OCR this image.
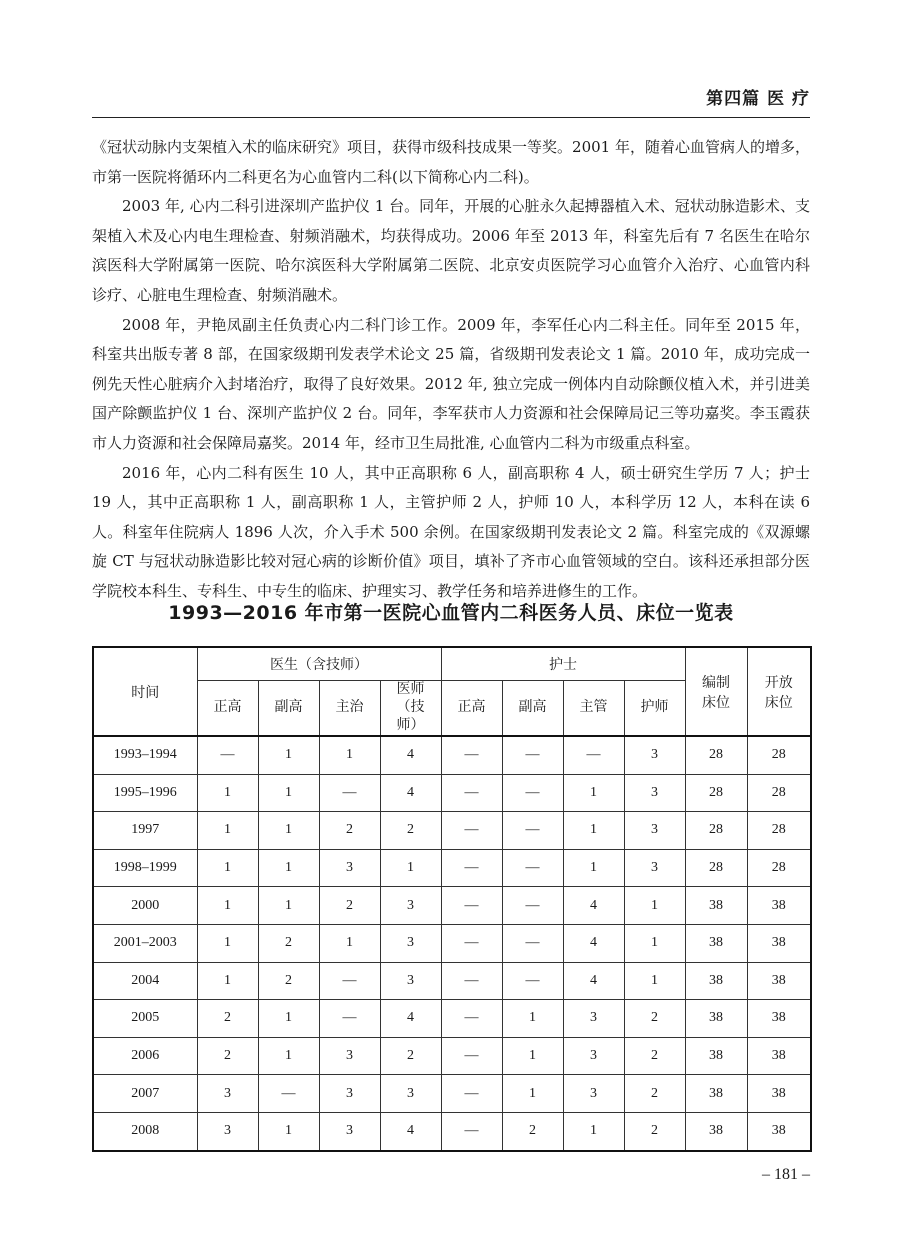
第四篇 医 疗

《冠状动脉内支架植入术的临床研究》项目，获得市级科技成果一等奖。2001 年，随着心血管病人的增多，市第一医院将循环内二科更名为心血管内二科(以下简称心内二科)。

2003 年, 心内二科引进深圳产监护仪 1 台。同年，开展的心脏永久起搏器植入术、冠状动脉造影术、支架植入术及心内电生理检查、射频消融术，均获得成功。2006 年至 2013 年，科室先后有 7 名医生在哈尔滨医科大学附属第一医院、哈尔滨医科大学附属第二医院、北京安贞医院学习心血管介入治疗、心血管内科诊疗、心脏电生理检查、射频消融术。

2008 年，尹艳凤副主任负责心内二科门诊工作。2009 年，李军任心内二科主任。同年至 2015 年，科室共出版专著 8 部，在国家级期刊发表学术论文 25 篇，省级期刊发表论文 1 篇。2010 年，成功完成一例先天性心脏病介入封堵治疗，取得了良好效果。2012 年, 独立完成一例体内自动除颤仪植入术，并引进美国产除颤监护仪 1 台、深圳产监护仪 2 台。同年，李军获市人力资源和社会保障局记三等功嘉奖。李玉霞获市人力资源和社会保障局嘉奖。2014 年，经市卫生局批准, 心血管内二科为市级重点科室。

2016 年，心内二科有医生 10 人，其中正高职称 6 人，副高职称 4 人，硕士研究生学历 7 人；护士 19 人，其中正高职称 1 人，副高职称 1 人，主管护师 2 人，护师 10 人，本科学历 12 人，本科在读 6 人。科室年住院病人 1896 人次，介入手术 500 余例。在国家级期刊发表论文 2 篇。科室完成的《双源螺旋 CT 与冠状动脉造影比较对冠心病的诊断价值》项目，填补了齐市心血管领域的空白。该科还承担部分医学院校本科生、专科生、中专生的临床、护理实习、教学任务和培养进修生的工作。

1993—2016 年市第一医院心血管内二科医务人员、床位一览表
时间	医生（含技师）				护士				编制床位	开放床位
	正高	副高	主治	医师（技师）	正高	副高	主管	护师		
1993–1994	—	1	1	4	—	—	—	3	28	28
1995–1996	1	1	—	4	—	—	1	3	28	28
1997	1	1	2	2	—	—	1	3	28	28
1998–1999	1	1	3	1	—	—	1	3	28	28
2000	1	1	2	3	—	—	4	1	38	38
2001–2003	1	2	1	3	—	—	4	1	38	38
2004	1	2	—	3	—	—	4	1	38	38
2005	2	1	—	4	—	1	3	2	38	38
2006	2	1	3	2	—	1	3	2	38	38
2007	3	—	3	3	—	1	3	2	38	38
2008	3	1	3	4	—	2	1	2	38	38
– 181 –
